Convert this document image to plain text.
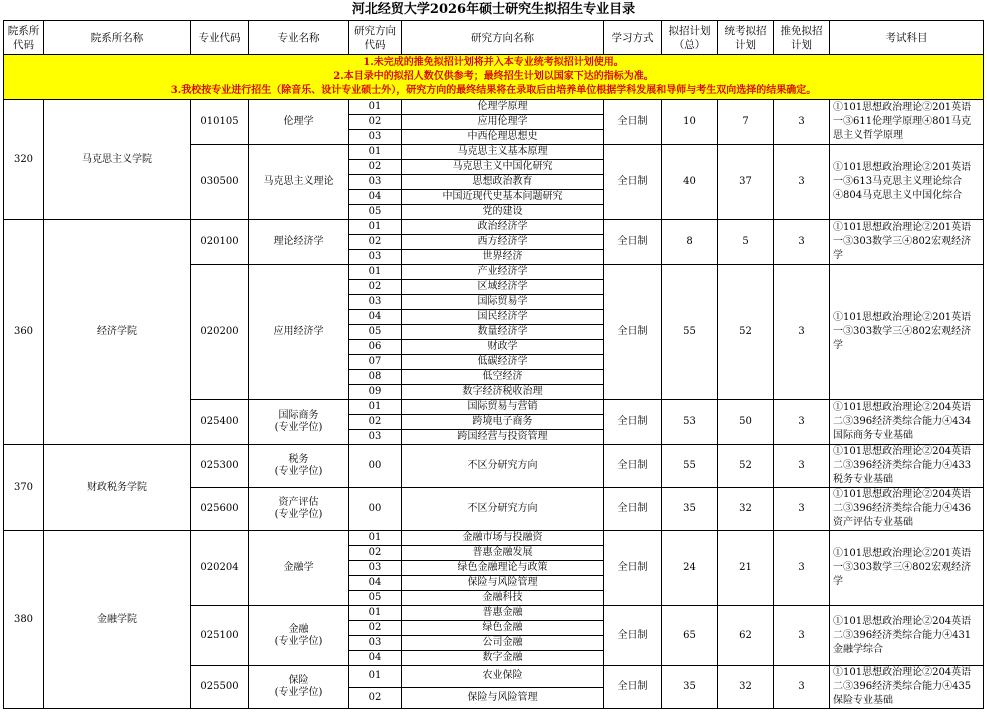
河北经贸大学2026年硕士研究生拟招生专业目录
院系所代码	院系所名称	专业代码	专业名称	研究方向代码	研究方向名称	学习方式	拟招计划（总）	统考拟招计划	推免拟招计划	考试科目

1.未完成的推免拟招计划将并入本专业统考拟招计划使用。
2.本目录中的拟招人数仅供参考；最终招生计划以国家下达的指标为准。
3.我校按专业进行招生（除音乐、设计专业硕士外），研究方向的最终结果将在录取后由培养单位根据学科发展和导师与考生双向选择的结果确定。										

320	马克思主义学院	010105	伦理学	01	伦理学原理	全日制	10	7	3	①101思想政治理论②201英语一③611伦理学原理④801马克思主义哲学原理
				02	应用伦理学					
				03	中西伦理思想史					
		030500	马克思主义理论	01	马克思主义基本原理	全日制	40	37	3	①101思想政治理论②201英语一③613马克思主义理论综合④804马克思主义中国化综合
				02	马克思主义中国化研究					
				03	思想政治教育					
				04	中国近现代史基本问题研究					
				05	党的建设					
360	经济学院	020100	理论经济学	01	政治经济学	全日制	8	5	3	①101思想政治理论②201英语一③303数学三④802宏观经济学
				02	西方经济学					
				03	世界经济					
		020200	应用经济学	01	产业经济学	全日制	55	52	3	①101思想政治理论②201英语一③303数学三④802宏观经济学
				02	区域经济学					
				03	国际贸易学					
				04	国民经济学					
				05	数量经济学					
				06	财政学					
				07	低碳经济学					
				08	低空经济					
				09	数字经济税收治理					
		025400	国际商务
(专业学位)	01	国际贸易与营销	全日制	53	50	3	①101思想政治理论②204英语二③396经济类综合能力④434国际商务专业基础
				02	跨境电子商务					
				03	跨国经营与投资管理					
370	财政税务学院	025300	税务
(专业学位)	00	不区分研究方向	全日制	55	52	3	①101思想政治理论②204英语二③396经济类综合能力④433税务专业基础
		025600	资产评估
(专业学位)	00	不区分研究方向	全日制	35	32	3	①101思想政治理论②204英语二③396经济类综合能力④436资产评估专业基础
380	金融学院	020204	金融学	01	金融市场与投融资	全日制	24	21	3	①101思想政治理论②201英语一③303数学三④802宏观经济学
				02	普惠金融发展					
				03	绿色金融理论与政策					
				04	保险与风险管理					
				05	金融科技					
		025100	金融
(专业学位)	01	普惠金融	全日制	65	62	3	①101思想政治理论②204英语二③396经济类综合能力④431金融学综合
				02	绿色金融					
				03	公司金融					
				04	数字金融					
		025500	保险
(专业学位)	01	农业保险	全日制	35	32	3	①101思想政治理论②204英语二③396经济类综合能力④435保险专业基础
				02	保险与风险管理					
